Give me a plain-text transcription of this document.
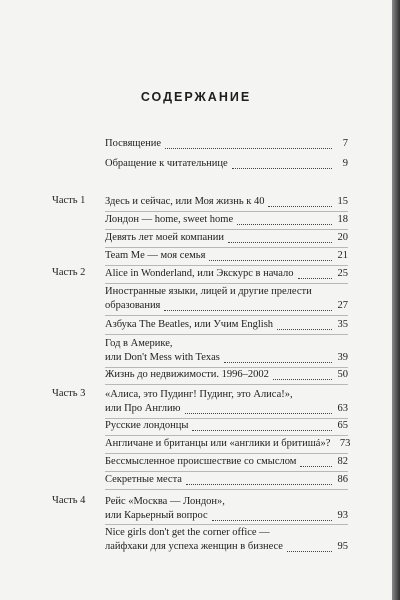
СОДЕРЖАНИЕ
Посвящение	7
Обращение к читательнице	9
Часть 1 Здесь и сейчас, или Моя жизнь к 40	15
Лондон — home, sweet home	18
Девять лет моей компании	20
Team Me — моя семья	21
Часть 2 Alice in Wonderland, или Экскурс в начало	25
Иностранные языки, лицей и другие прелести
образования	27
Азбука The Beatles, или Учим English	35
Год в Америке,
или Don't Mess with Texas	39
Жизнь до недвижимости. 1996–2002	50
Часть 3 «Алиса, это Пудинг! Пудинг, это Алиса!»,
или Про Англию	63
Русские лондонцы	65
Англичане и британцы или «англики и бритишá»? 73
Бессмысленное происшествие со смыслом	82
Секретные места	86
Часть 4 Рейс «Москва — Лондон»,
или Карьерный вопрос	93
Nice girls don't get the corner office —
лайфхаки для успеха женщин в бизнесе	95
